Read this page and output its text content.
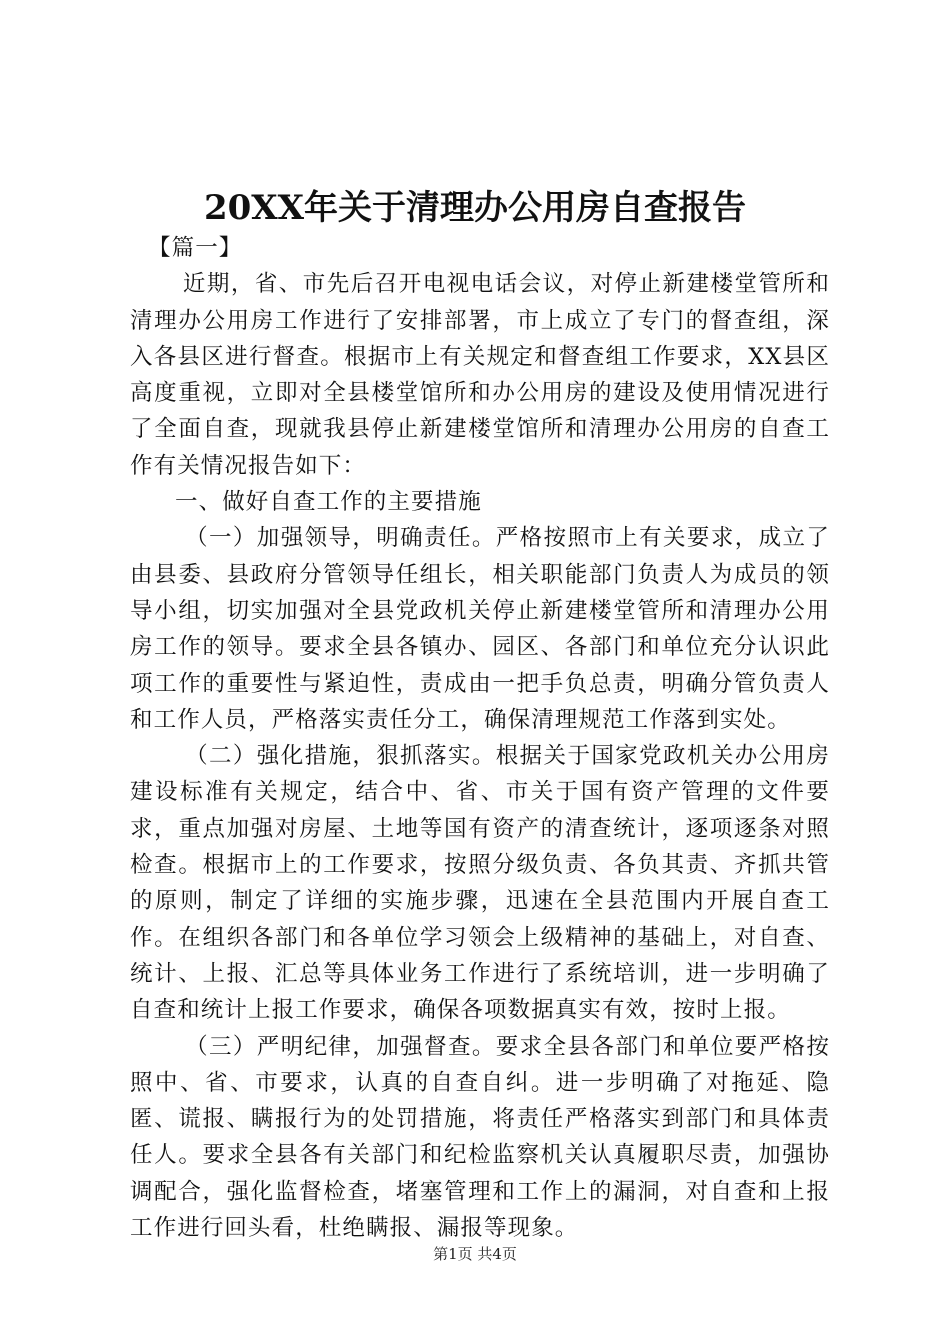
20XX年关于清理办公用房自查报告

【篇一】

近期，省、市先后召开电视电话会议，对停止新建楼堂管所和清理办公用房工作进行了安排部署，市上成立了专门的督查组，深入各县区进行督查。根据市上有关规定和督查组工作要求，XX县区高度重视，立即对全县楼堂馆所和办公用房的建设及使用情况进行了全面自查，现就我县停止新建楼堂馆所和清理办公用房的自查工作有关情况报告如下：

一、做好自查工作的主要措施

（一）加强领导，明确责任。严格按照市上有关要求，成立了由县委、县政府分管领导任组长，相关职能部门负责人为成员的领导小组，切实加强对全县党政机关停止新建楼堂管所和清理办公用房工作的领导。要求全县各镇办、园区、各部门和单位充分认识此项工作的重要性与紧迫性，责成由一把手负总责，明确分管负责人和工作人员，严格落实责任分工，确保清理规范工作落到实处。

（二）强化措施，狠抓落实。根据关于国家党政机关办公用房建设标准有关规定，结合中、省、市关于国有资产管理的文件要求，重点加强对房屋、土地等国有资产的清查统计，逐项逐条对照检查。根据市上的工作要求，按照分级负责、各负其责、齐抓共管的原则，制定了详细的实施步骤，迅速在全县范围内开展自查工作。在组织各部门和各单位学习领会上级精神的基础上，对自查、统计、上报、汇总等具体业务工作进行了系统培训，进一步明确了自查和统计上报工作要求，确保各项数据真实有效，按时上报。

（三）严明纪律，加强督查。要求全县各部门和单位要严格按照中、省、市要求，认真的自查自纠。进一步明确了对拖延、隐匿、谎报、瞒报行为的处罚措施，将责任严格落实到部门和具体责任人。要求全县各有关部门和纪检监察机关认真履职尽责，加强协调配合，强化监督检查，堵塞管理和工作上的漏洞，对自查和上报工作进行回头看，杜绝瞒报、漏报等现象。

第1页 共4页
